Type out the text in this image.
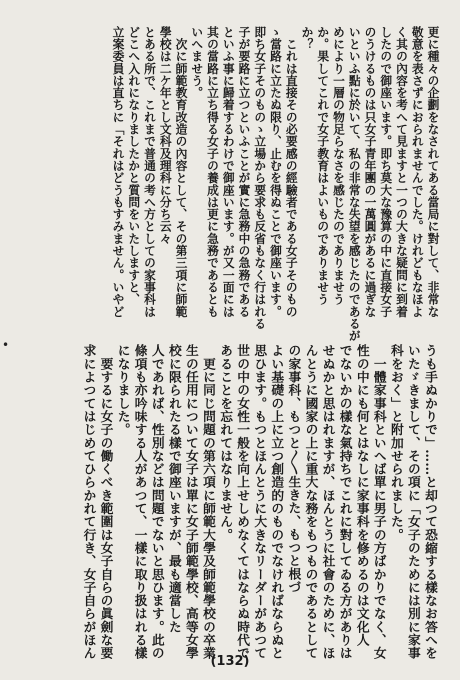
更に種々の企劃をなされてある當局に對して、非常な
敬意を表さずにおられませんでした。けれどもなほよ
く其の內容を考へて見ますと一つの大きな疑問に到着
したので御座います。即ち莫大な豫算の中に直接女子
のうけるものは只女子青年團の一萬圓があるに過ぎな
いといふ點に於いて、私の非常な失望を感じたのであるが
めにより一層の物足らなさを感じたのでありませう
か。果してこれで女子教育はよいものでありませう
か？
　これは直接その必要感の經驗者である女子そのもの
ゝ當路に立たぬ限り、止むを得ぬことで御座います。
即ち女子そのものゝ立場から要求も反省もなく行はれる
子が要路に立つといふことが實に急務中の急務である
といふ事に歸着するわけで御座います。が又一面には
其の當路に立ち得る女子の養成は更に急務であるとも
いへませう。
　次に師範教育改造の內容として、その第三項に師範
學校は二ケ年とし文科及理科に分ち云々
とある所で、これまで普通の考へ方としての家事科は
どこへ入れになりましたかと質問をいたしますと、
立案委員は直ちに「それはどうもすみません。いやど
うも手ぬかりで」……と却つて恐縮する樣なお答へを
いたゞきまして、その項に「女子のためには別に家事
科をおく」と附加せられました。
　一體家事科といへば單に男子の方ばかりでなく、女
性の中にも何とはなしに家事科を修めるのは文化人
でないかの樣な氣持ちでこれに對してゐる方がありは
せぬかと思はれますが、ほんとうに社會のために、ほ
んとうに國家の上に重大な務をもつものであるとして
の家事科、もつと〳〵生きた、もつと根づ
よい基礎の上に立つ創造的のものでなければならぬと
思ひます。もつとほんとうに大きなリーダーがあつて
世の中の女性一般を向上せしめなくてはならぬ時代で
あることを忘れてはなりません。
　更に同じ問題の第六項に師範大學及師範學校の卒業
生の任用について女子は單に女子師範學校、高等女學
校に限られたる樣で御座いますが、最も適當した
人であれば、性別などは問題でないと思ひます。此の
條項も亦吟味する人があつて、一樣に取り扱はれる樣
になりました。
　要するに女子の働くべき範圍は女子自らの眞劍な要
求によつてはじめてひらかれて行き、女子自らがほん
•
(132)
